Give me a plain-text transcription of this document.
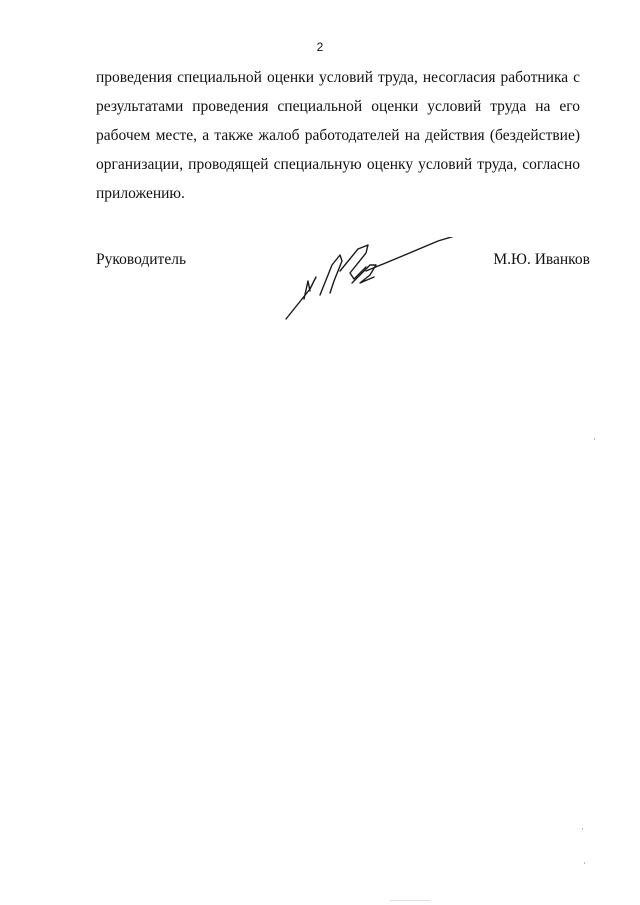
2

проведения специальной оценки условий труда, несогласия работника с результатами проведения специальной оценки условий труда на его рабочем месте, а также жалоб работодателей на действия (бездействие) организации, проводящей специальную оценку условий труда, согласно приложению.

Руководитель	М.Ю. Иванков
